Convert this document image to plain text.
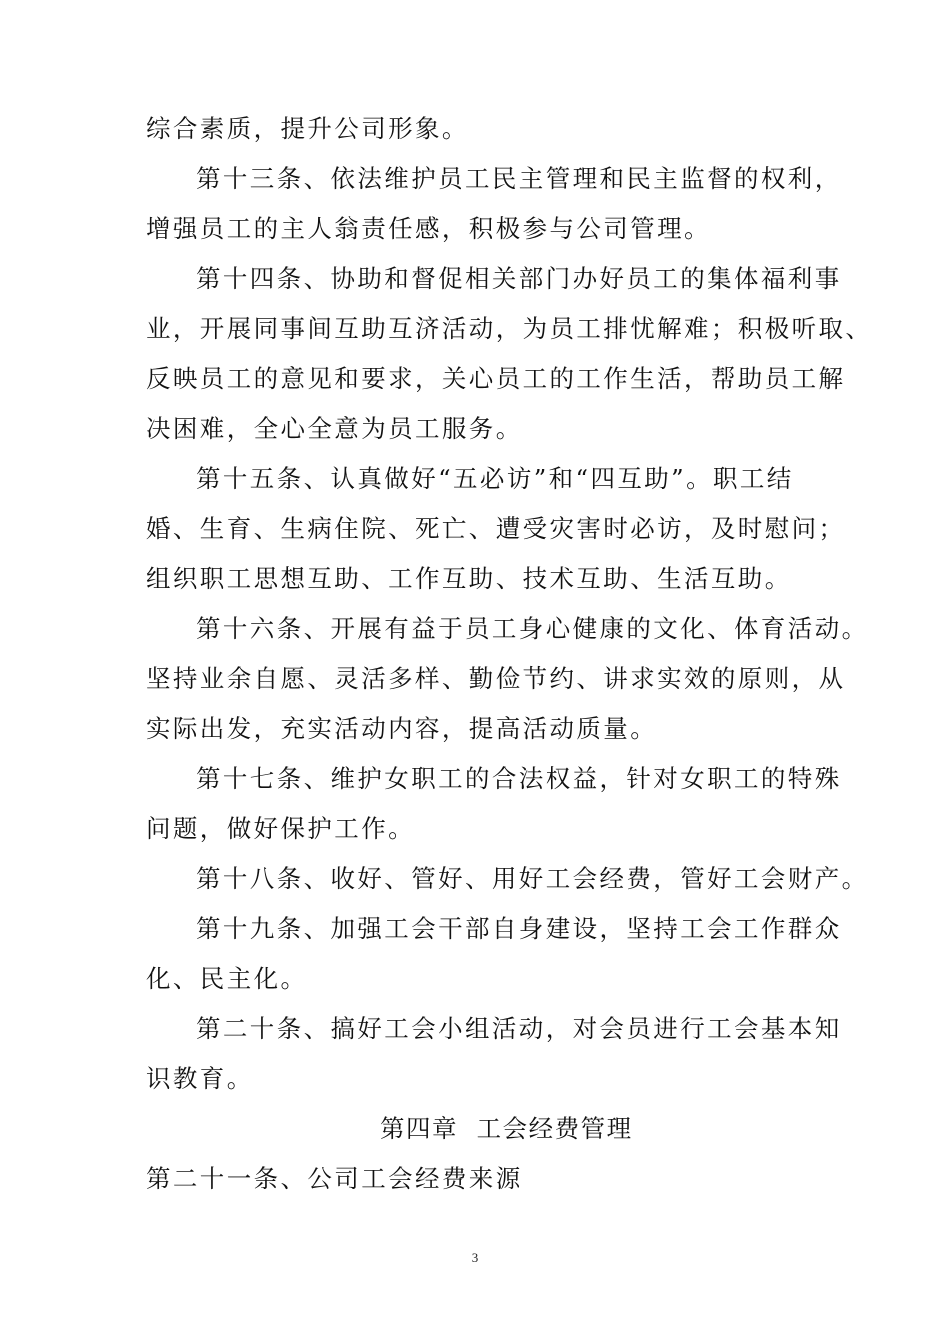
综合素质，提升公司形象。
第十三条、依法维护员工民主管理和民主监督的权利，
增强员工的主人翁责任感，积极参与公司管理。
第十四条、协助和督促相关部门办好员工的集体福利事
业，开展同事间互助互济活动，为员工排忧解难；积极听取、
反映员工的意见和要求，关心员工的工作生活，帮助员工解
决困难，全心全意为员工服务。
第十五条、认真做好“五必访”和“四互助”。职工结
婚、生育、生病住院、死亡、遭受灾害时必访，及时慰问；
组织职工思想互助、工作互助、技术互助、生活互助。
第十六条、开展有益于员工身心健康的文化、体育活动。
坚持业余自愿、灵活多样、勤俭节约、讲求实效的原则，从
实际出发，充实活动内容，提高活动质量。
第十七条、维护女职工的合法权益，针对女职工的特殊
问题，做好保护工作。
第十八条、收好、管好、用好工会经费，管好工会财产。
第十九条、加强工会干部自身建设，坚持工会工作群众
化、民主化。
第二十条、搞好工会小组活动，对会员进行工会基本知
识教育。
第四章  工会经费管理
第二十一条、公司工会经费来源
3
